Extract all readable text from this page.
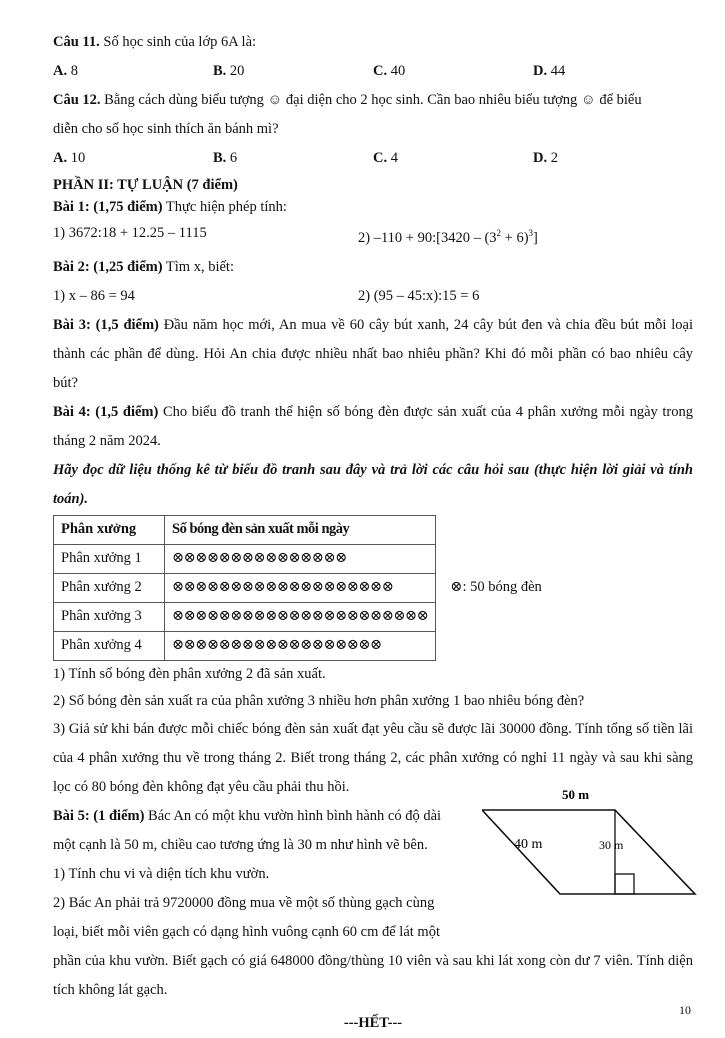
Câu 11. Số học sinh của lớp 6A là:
A. 8	B. 20	C. 40	D. 44
Câu 12. Bằng cách dùng biểu tượng ☺ đại diện cho 2 học sinh. Cần bao nhiêu biểu tượng ☺ để biểu
diễn cho số học sinh thích ăn bánh mì?
A. 10	B. 6	C. 4	D. 2
PHẦN II: TỰ LUẬN (7 điểm)
Bài 1: (1,75 điểm) Thực hiện phép tính:
1) 3672:18 + 12.25 – 1115	2) –110 + 90:[3420 – $(3^2 + 6)^3$]
Bài 2: (1,25 điểm) Tìm x, biết:
1) x – 86 = 94	2) (95 – 45:x):15 = 6
Bài 3: (1,5 điểm) Đầu năm học mới, An mua về 60 cây bút xanh, 24 cây bút đen và chia đều bút mỗi loại thành các phần để dùng. Hỏi An chia được nhiều nhất bao nhiêu phần? Khi đó mỗi phần có bao nhiêu cây bút?
Bài 4: (1,5 điểm) Cho biểu đồ tranh thể hiện số bóng đèn được sản xuất của 4 phân xưởng mỗi ngày trong tháng 2 năm 2024.
Hãy đọc dữ liệu thống kê từ biểu đồ tranh sau đây và trả lời các câu hỏi sau (thực hiện lời giải và tính toán).
Phân xưởng	Số bóng đèn sản xuất mỗi ngày
Phân xưởng 1	⊗⊗⊗⊗⊗⊗⊗⊗⊗⊗⊗⊗⊗⊗⊗
Phân xưởng 2	⊗⊗⊗⊗⊗⊗⊗⊗⊗⊗⊗⊗⊗⊗⊗⊗⊗⊗⊗
Phân xưởng 3	⊗⊗⊗⊗⊗⊗⊗⊗⊗⊗⊗⊗⊗⊗⊗⊗⊗⊗⊗⊗⊗⊗
Phân xưởng 4	⊗⊗⊗⊗⊗⊗⊗⊗⊗⊗⊗⊗⊗⊗⊗⊗⊗⊗
⊗: 50 bóng đèn
1) Tính số bóng đèn phân xưởng 2 đã sản xuất.
2) Số bóng đèn sản xuất ra của phân xưởng 3 nhiều hơn phân xưởng 1 bao nhiêu bóng đèn?
3) Giả sử khi bán được mỗi chiếc bóng đèn sản xuất đạt yêu cầu sẽ được lãi 30000 đồng. Tính tổng số tiền lãi của 4 phân xưởng thu về trong tháng 2. Biết trong tháng 2, các phân xưởng có nghỉ 11 ngày và sau khi sàng lọc có 80 bóng đèn không đạt yêu cầu phải thu hồi.
Bài 5: (1 điểm) Bác An có một khu vườn hình bình hành có độ dài
một cạnh là 50 m, chiều cao tương ứng là 30 m như hình vẽ bên.
1) Tính chu vi và diện tích khu vườn.
2) Bác An phải trả 9720000 đồng mua về một số thùng gạch cùng
loại, biết mỗi viên gạch có dạng hình vuông cạnh 60 cm để lát một
phần của khu vườn. Biết gạch có giá 648000 đồng/thùng 10 viên và sau khi lát xong còn dư 7 viên. Tính diện tích không lát gạch.
---HẾT---
50 m
40 m	30 m
10
